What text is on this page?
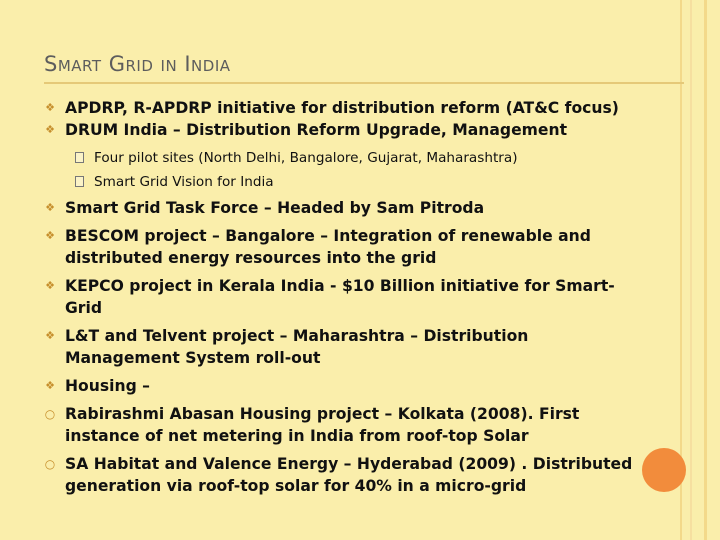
Smart Grid in India
❖ APDRP, R-APDRP initiative for distribution reform (AT&C focus)
❖ DRUM India – Distribution Reform Upgrade, Management
Four pilot sites (North Delhi, Bangalore, Gujarat, Maharashtra)
Smart Grid Vision for India
❖ Smart Grid Task Force – Headed by Sam Pitroda
❖ BESCOM project – Bangalore – Integration of renewable and distributed energy resources into the grid
❖ KEPCO project in Kerala India - $10 Billion initiative for Smart-Grid
❖ L&T and Telvent project – Maharashtra – Distribution Management System roll-out
❖ Housing –
○ Rabirashmi Abasan Housing project – Kolkata (2008). First instance of net metering in India from roof-top Solar
○ SA Habitat and Valence Energy – Hyderabad (2009) . Distributed generation via roof-top solar for 40% in a micro-grid
